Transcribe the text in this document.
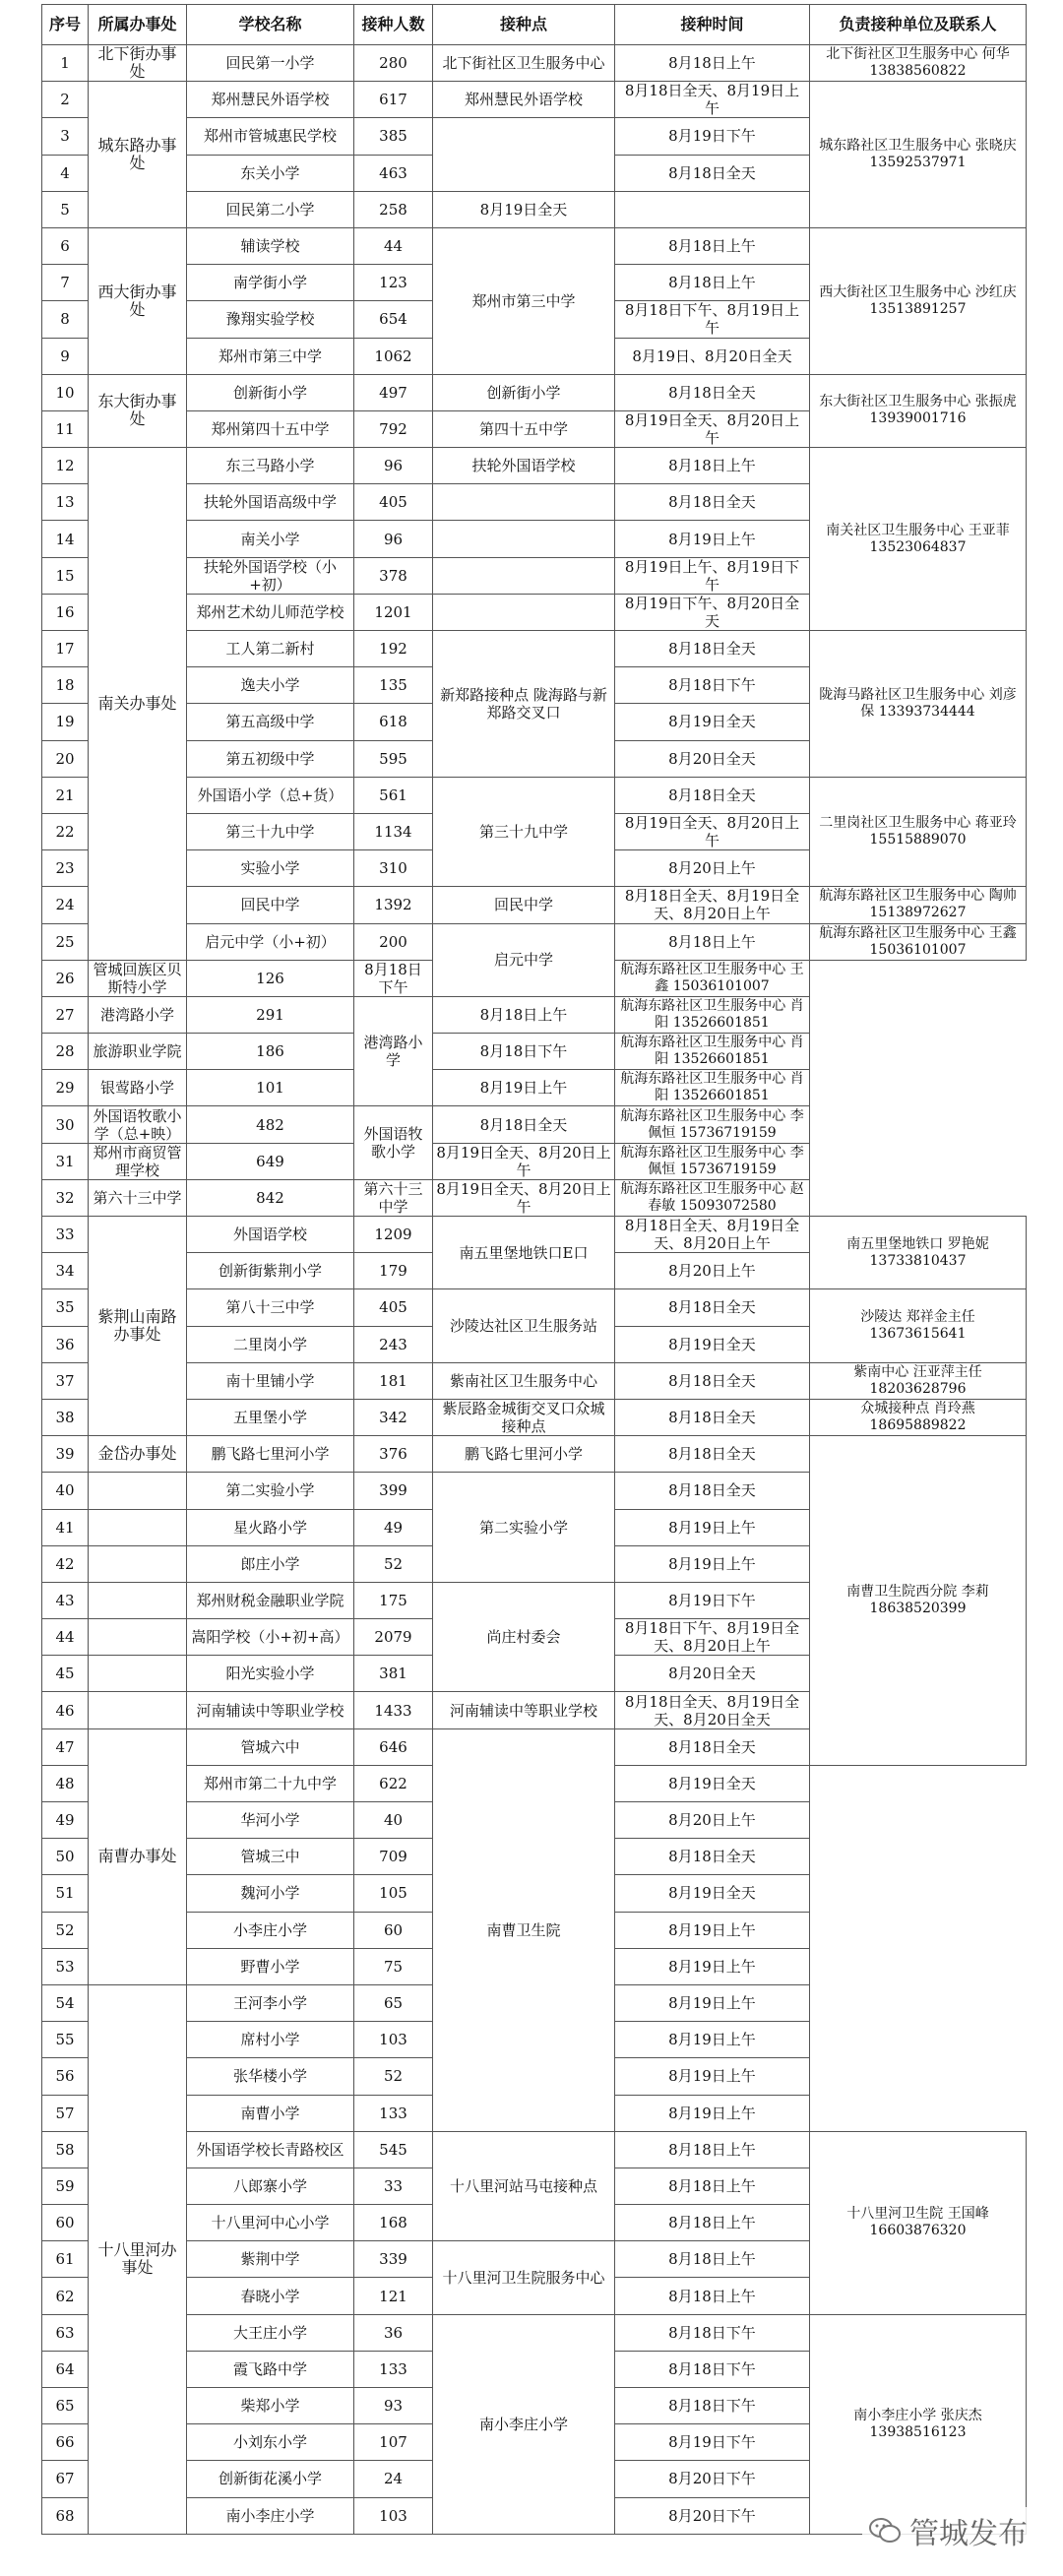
序号	所属办事处	学校名称	接种人数	接种点	接种时间	负责接种单位及联系人
1	北下街办事处	回民第一小学	280	北下街社区卫生服务中心	8月18日上午	北下街社区卫生服务中心 何华 13838560822
2	城东路办事处	郑州慧民外语学校	617	郑州慧民外语学校	8月18日全天、8月19日上午	城东路社区卫生服务中心 张晓庆 13592537971
3		郑州市管城惠民学校	385		8月19日下午	
4		东关小学	463		8月18日全天	
5		回民第二小学	258	8月19日全天		
6	西大街办事处	辅读学校	44	郑州市第三中学	8月18日上午	西大街社区卫生服务中心 沙红庆 13513891257
7		南学街小学	123		8月18日上午	
8		豫翔实验学校	654		8月18日下午、8月19日上午	
9		郑州市第三中学	1062		8月19日、8月20日全天	
10	东大街办事处	创新街小学	497	创新街小学	8月18日全天	东大街社区卫生服务中心 张振虎 13939001716
11		郑州第四十五中学	792	第四十五中学	8月19日全天、8月20日上午	
12	南关办事处	东三马路小学	96	扶轮外国语学校	8月18日上午	南关社区卫生服务中心 王亚菲 13523064837
13		扶轮外国语高级中学	405		8月18日全天	
14		南关小学	96		8月19日上午	
15		扶轮外国语学校（小+初）	378		8月19日上午、8月19日下午	
16		郑州艺术幼儿师范学校	1201		8月19日下午、8月20日全天	
17		工人第二新村	192	新郑路接种点 陇海路与新郑路交叉口	8月18日全天	陇海马路社区卫生服务中心 刘彦保 13393734444
18		逸夫小学	135		8月18日下午	
19		第五高级中学	618		8月19日全天	
20		第五初级中学	595		8月20日全天	
21		外国语小学（总+货）	561	第三十九中学	8月18日全天	二里岗社区卫生服务中心 蒋亚玲 15515889070
22		第三十九中学	1134		8月19日全天、8月20日上午	
23		实验小学	310		8月20日上午	
24		回民中学	1392	回民中学	8月18日全天、8月19日全天、8月20日上午	航海东路社区卫生服务中心 陶帅 15138972627
25		启元中学（小+初）	200	启元中学	8月18日上午	航海东路社区卫生服务中心 王鑫 15036101007
26	管城回族区贝斯特小学	126	8月18日下午		航海东路社区卫生服务中心 王鑫 15036101007	
27	港湾路小学	291	港湾路小学	8月18日上午	航海东路社区卫生服务中心 肖阳 13526601851	
28	旅游职业学院	186		8月18日下午	航海东路社区卫生服务中心 肖阳 13526601851	
29	银莺路小学	101		8月19日上午	航海东路社区卫生服务中心 肖阳 13526601851	
30	外国语牧歌小学（总+映）	482	外国语牧歌小学	8月18日全天	航海东路社区卫生服务中心 李佩恒 15736719159	
31	郑州市商贸管理学校	649		8月19日全天、8月20日上午	航海东路社区卫生服务中心 李佩恒 15736719159	
32	第六十三中学	842	第六十三中学	8月19日全天、8月20日上午	航海东路社区卫生服务中心 赵春敏 15093072580	
33	紫荆山南路办事处	外国语学校	1209	南五里堡地铁口E口	8月18日全天、8月19日全天、8月20日上午	南五里堡地铁口 罗艳妮 13733810437
34		创新街紫荆小学	179		8月20日上午	
35		第八十三中学	405	沙陵达社区卫生服务站	8月18日全天	沙陵达 郑祥金主任 13673615641
36		二里岗小学	243		8月19日全天	
37		南十里铺小学	181	紫南社区卫生服务中心	8月18日全天	紫南中心 汪亚萍主任 18203628796
38		五里堡小学	342	紫辰路金城街交叉口众城接种点	8月18日全天	众城接种点 肖玲燕 18695889822
39	金岱办事处	鹏飞路七里河小学	376	鹏飞路七里河小学	8月18日全天	南曹卫生院西分院 李莉 18638520399
40		第二实验小学	399	第二实验小学	8月18日全天	
41		星火路小学	49		8月19日上午	
42		郎庄小学	52		8月19日上午	
43		郑州财税金融职业学院	175	尚庄村委会	8月19日下午	
44		嵩阳学校（小+初+高）	2079		8月18日下午、8月19日全天、8月20日上午	
45		阳光实验小学	381		8月20日全天	
46		河南辅读中等职业学校	1433	河南辅读中等职业学校	8月18日全天、8月19日全天、8月20日全天	
47	南曹办事处	管城六中	646	南曹卫生院	8月18日全天	
48		郑州市第二十九中学	622		8月19日全天	
49		华河小学	40		8月20日上午	
50		管城三中	709		8月18日全天	
51		魏河小学	105		8月19日全天	
52		小李庄小学	60		8月19日上午	
53		野曹小学	75		8月19日上午	
54	十八里河办事处	王河李小学	65		8月19日上午	
55		席村小学	103		8月19日上午	
56		张华楼小学	52		8月19日上午	
57		南曹小学	133		8月19日上午	
58		外国语学校长青路校区	545	十八里河站马屯接种点	8月18日上午	十八里河卫生院 王国峰 16603876320
59		八郎寨小学	33		8月18日上午	
60		十八里河中心小学	168		8月18日上午	
61		紫荆中学	339	十八里河卫生院服务中心	8月18日上午	
62		春晓小学	121		8月18日上午	
63		大王庄小学	36	南小李庄小学	8月18日下午	南小李庄小学 张庆杰 13938516123
64		霞飞路中学	133		8月18日下午	
65		柴郑小学	93		8月18日下午	
66		小刘东小学	107		8月19日下午	
67		创新街花溪小学	24		8月20日下午	
68		南小李庄小学	103		8月20日下午	
管城发布
